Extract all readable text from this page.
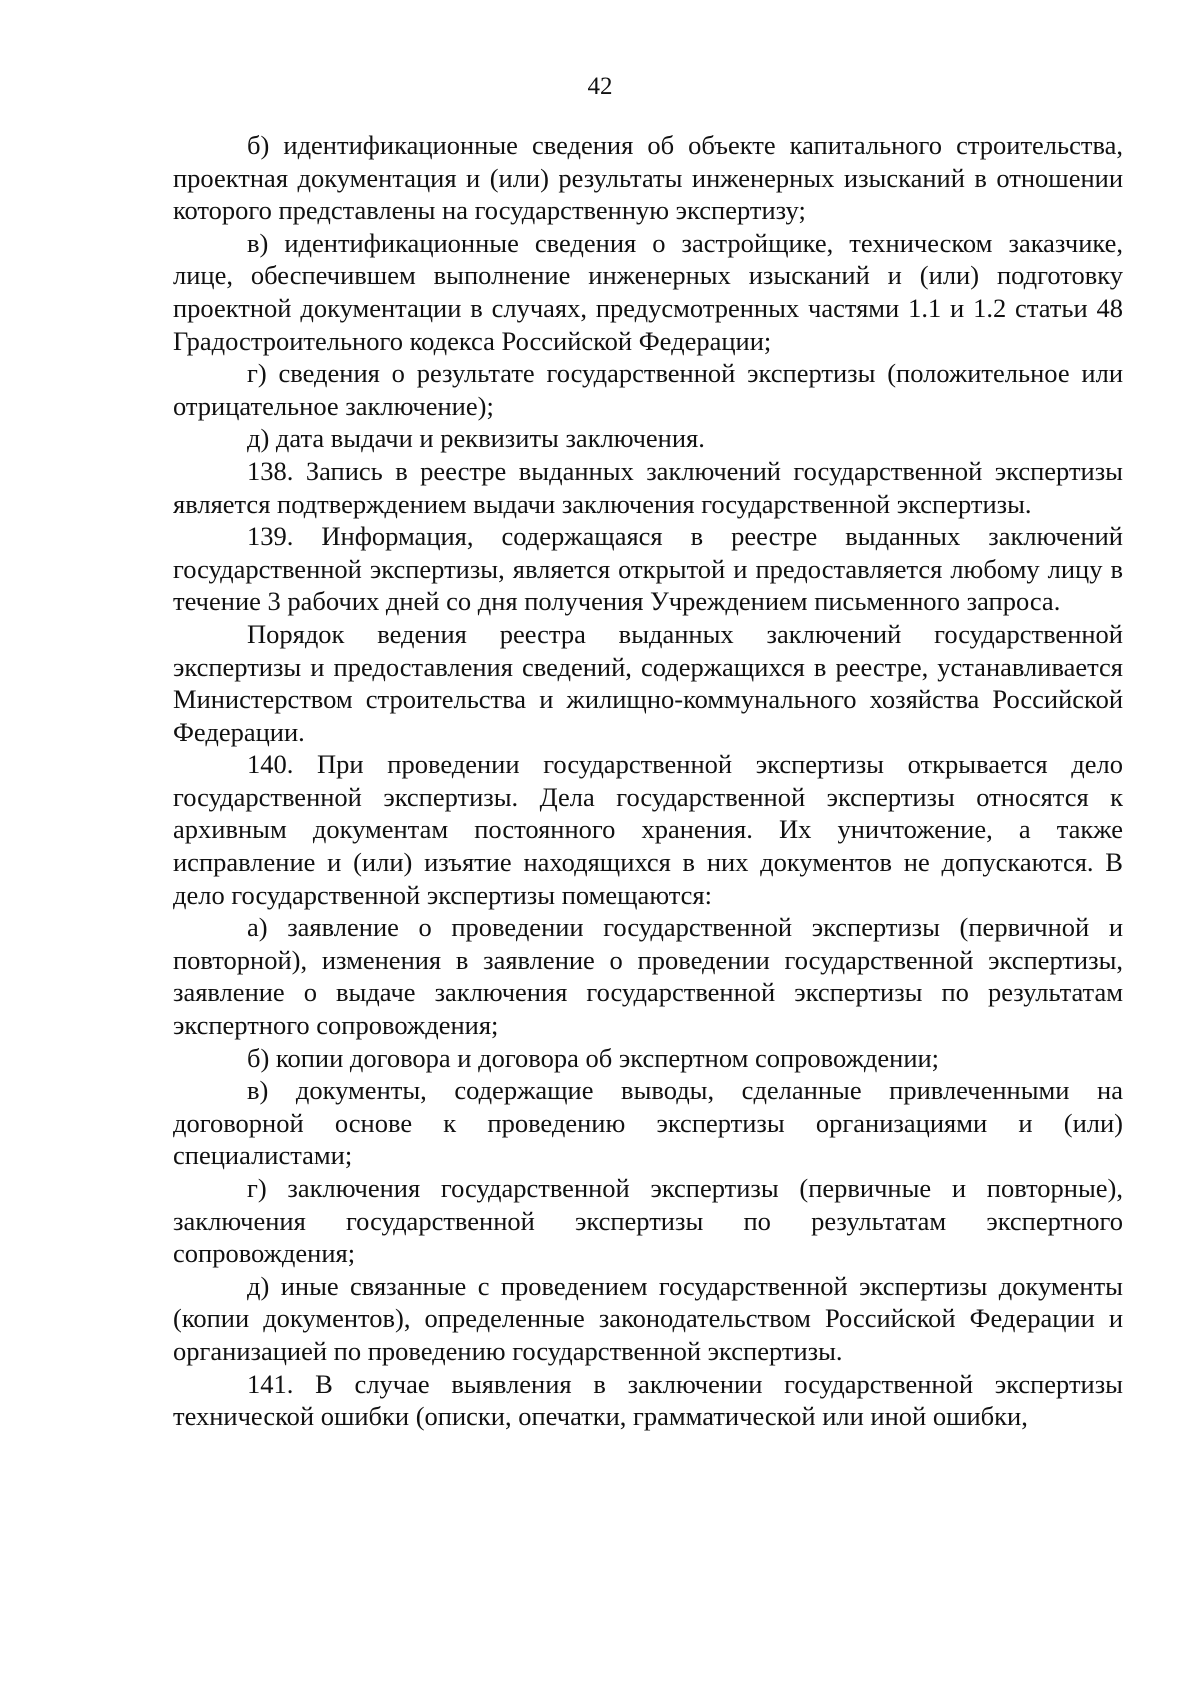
42

б) идентификационные сведения об объекте капитального строительства, проектная документация и (или) результаты инженерных изысканий в отношении которого представлены на государственную экспертизу;

в) идентификационные сведения о застройщике, техническом заказчике, лице, обеспечившем выполнение инженерных изысканий и (или) подготовку проектной документации в случаях, предусмотренных частями 1.1 и 1.2 статьи 48 Градостроительного кодекса Российской Федерации;

г) сведения о результате государственной экспертизы (положительное или отрицательное заключение);

д) дата выдачи и реквизиты заключения.

138. Запись в реестре выданных заключений государственной экспертизы является подтверждением выдачи заключения государственной экспертизы.

139. Информация, содержащаяся в реестре выданных заключений государственной экспертизы, является открытой и предоставляется любому лицу в течение 3 рабочих дней со дня получения Учреждением письменного запроса.

Порядок ведения реестра выданных заключений государственной экспертизы и предоставления сведений, содержащихся в реестре, устанавливается Министерством строительства и жилищно-коммунального хозяйства Российской Федерации.

140. При проведении государственной экспертизы открывается дело государственной экспертизы. Дела государственной экспертизы относятся к архивным документам постоянного хранения. Их уничтожение, а также исправление и (или) изъятие находящихся в них документов не допускаются. В дело государственной экспертизы помещаются:

а) заявление о проведении государственной экспертизы (первичной и повторной), изменения в заявление о проведении государственной экспертизы, заявление о выдаче заключения государственной экспертизы по результатам экспертного сопровождения;

б) копии договора и договора об экспертном сопровождении;

в) документы, содержащие выводы, сделанные привлеченными на договорной основе к проведению экспертизы организациями и (или) специалистами;

г) заключения государственной экспертизы (первичные и повторные), заключения государственной экспертизы по результатам экспертного сопровождения;

д) иные связанные с проведением государственной экспертизы документы (копии документов), определенные законодательством Российской Федерации и организацией по проведению государственной экспертизы.

141. В случае выявления в заключении государственной экспертизы технической ошибки (описки, опечатки, грамматической или иной ошибки,
